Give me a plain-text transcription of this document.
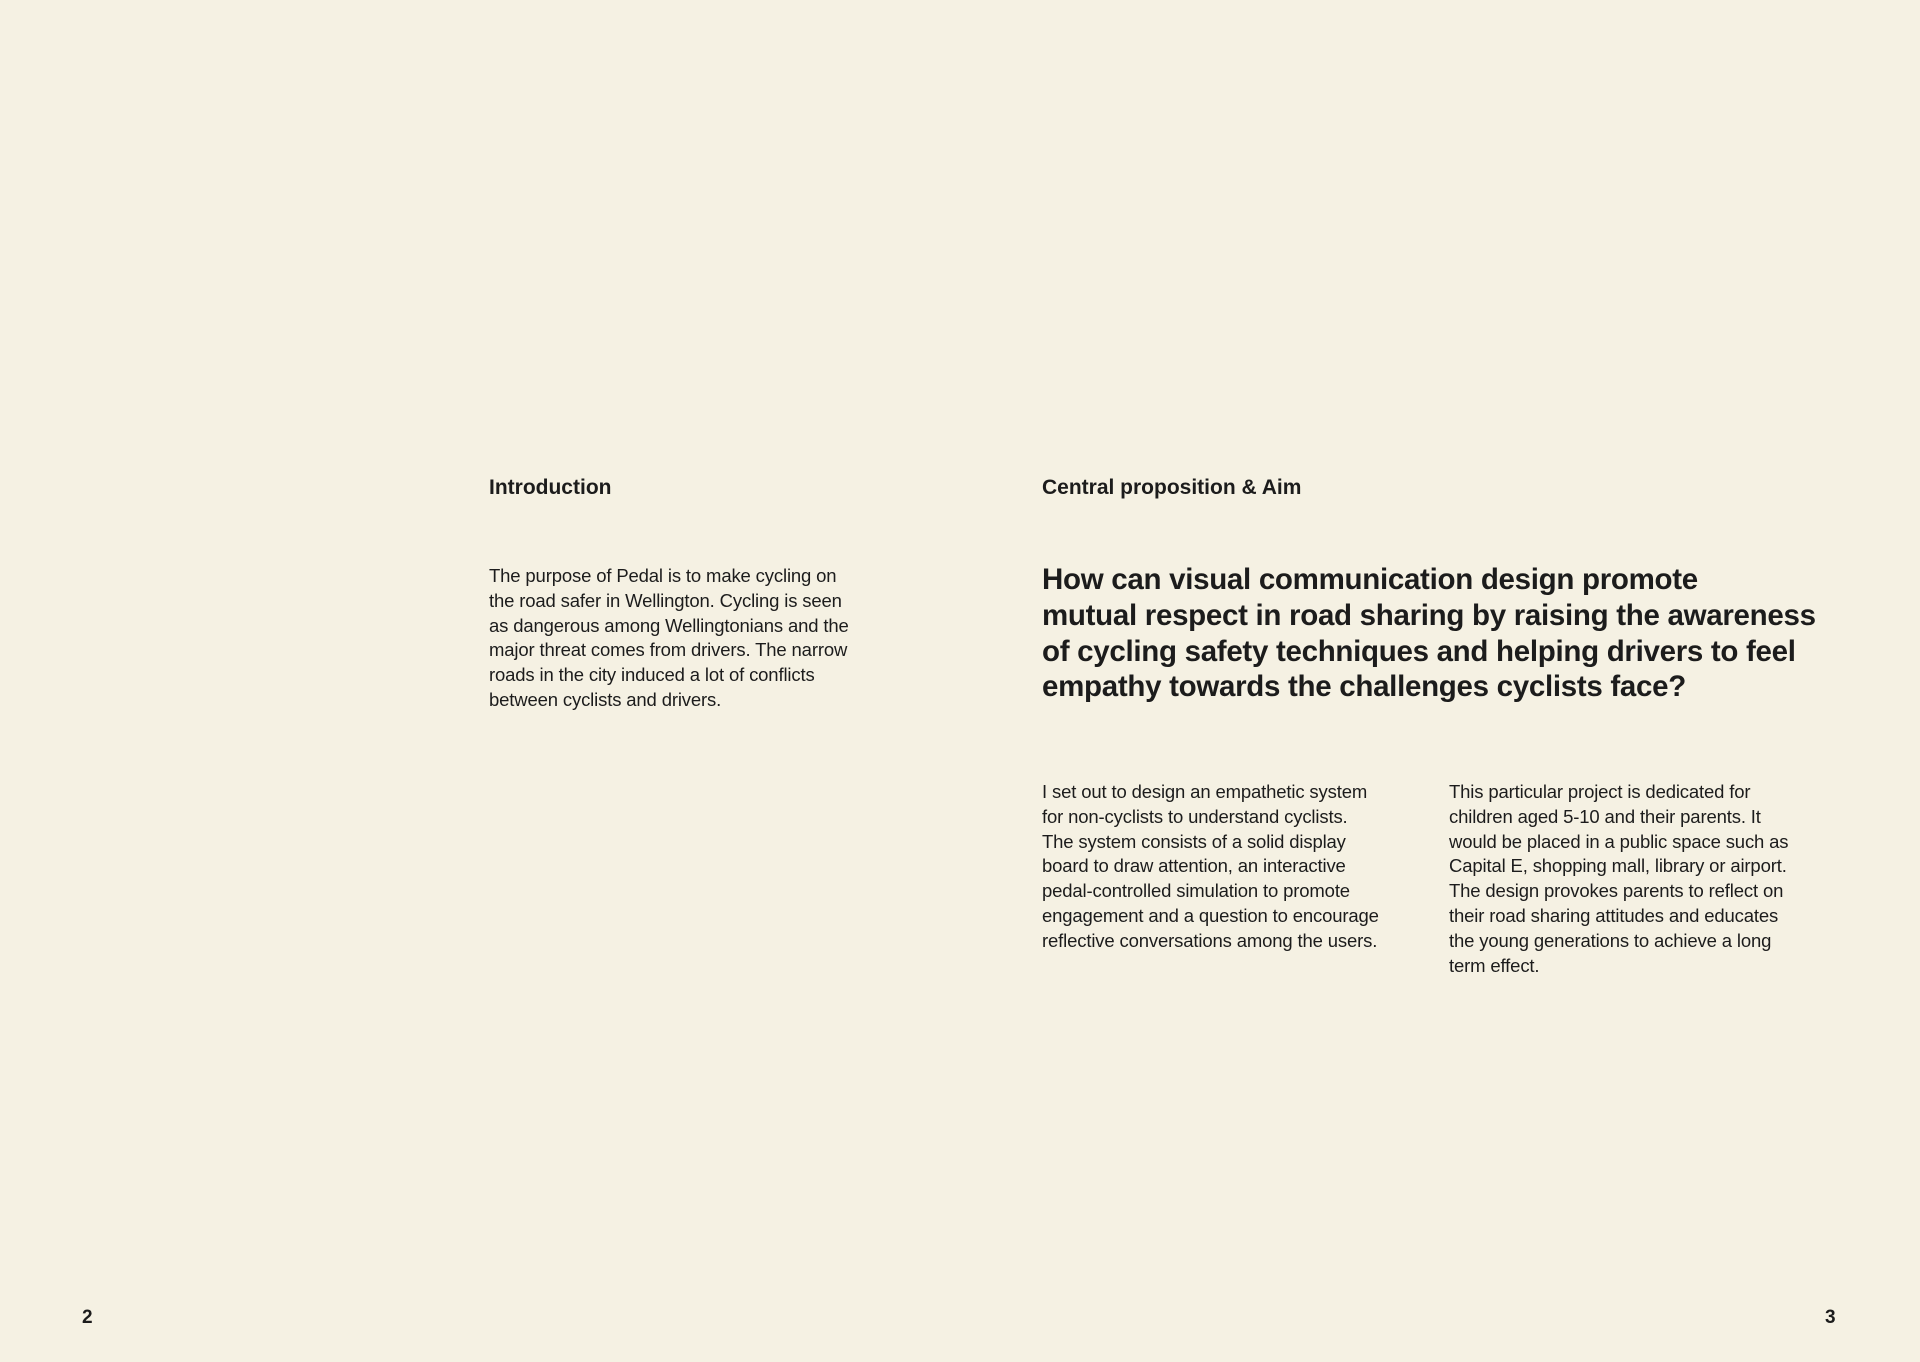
Introduction
The purpose of Pedal is to make cycling on
the road safer in Wellington. Cycling is seen
as dangerous among Wellingtonians and the
major threat comes from drivers. The narrow
roads in the city induced a lot of conflicts
between cyclists and drivers.

2

Central proposition & Aim
How can visual communication design promote
mutual respect in road sharing by raising the awareness
of cycling safety techniques and helping drivers to feel
empathy towards the challenges cyclists face?
I set out to design an empathetic system
for non-cyclists to understand cyclists.
The system consists of a solid display
board to draw attention, an interactive
pedal-controlled simulation to promote
engagement and a question to encourage
reflective conversations among the users.
This particular project is dedicated for
children aged 5-10 and their parents. It
would be placed in a public space such as
Capital E, shopping mall, library or airport.
The design provokes parents to reflect on
their road sharing attitudes and educates
the young generations to achieve a long
term effect.

3
